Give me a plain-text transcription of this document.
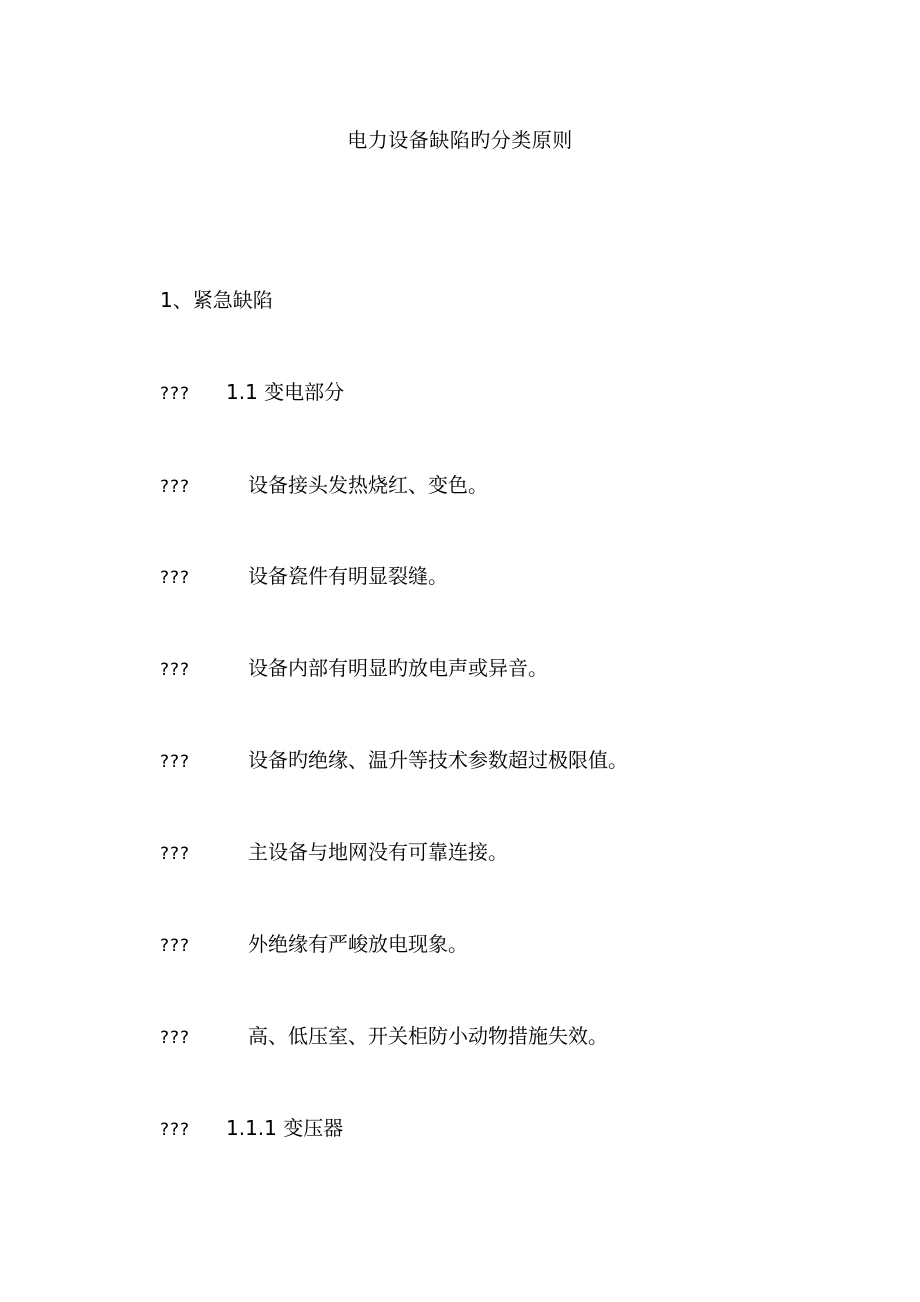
电力设备缺陷旳分类原则
1、紧急缺陷
??? 1.1 变电部分
???	设备接头发热烧红、变色。
???	设备瓷件有明显裂缝。
???	设备内部有明显旳放电声或异音。
???	设备旳绝缘、温升等技术参数超过极限值。
???	主设备与地网没有可靠连接。
???	外绝缘有严峻放电现象。
???	高、低压室、开关柜防小动物措施失效。
??? 1.1.1 变压器
